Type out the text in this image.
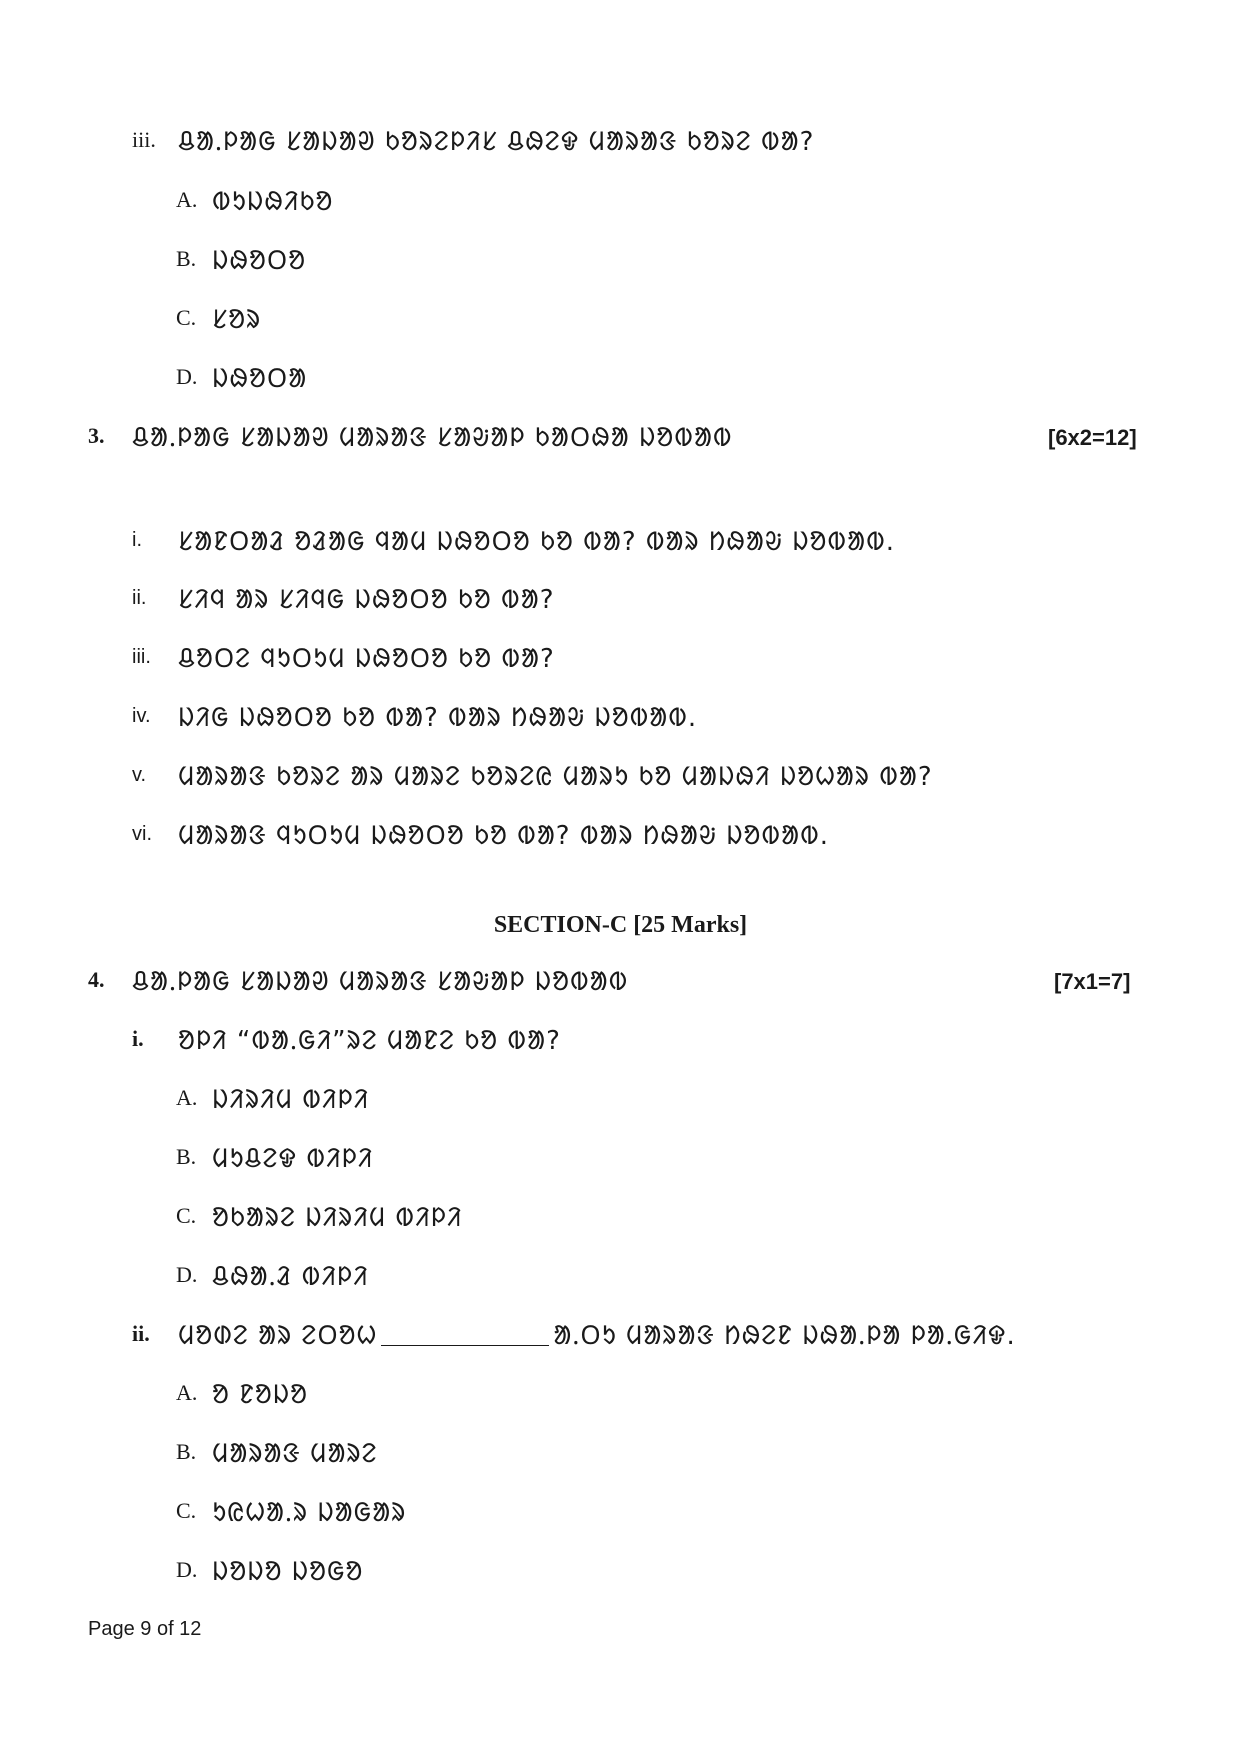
iii. ᱪᱟᱹᱞᱟᱜ ᱥᱟᱡᱟᱣ ᱠᱚᱨᱮᱞᱤᱥ ᱪᱷᱮᱫ ᱢᱟᱨᱟᱝ ᱠᱚᱨᱮ ᱵᱟ?
A. ᱵᱩᱡᱷᱤᱠᱚ
B. ᱡᱷᱚᱛᱚ
C. ᱥᱚᱨ
D. ᱡᱷᱚᱛᱟ
3.	ᱪᱟᱹᱞᱟᱜ ᱥᱟᱡᱟᱣ ᱢᱟᱨᱟᱝ ᱥᱟᱶᱟᱞ ᱠᱟᱛᱷᱟ ᱡᱚᱵᱟᱵ	[6x2=12]
i.	ᱥᱟᱱᱛᱟᱲ ᱚᱲᱟᱜ ᱧᱟᱢ ᱡᱷᱚᱛᱚ ᱠᱚ ᱵᱟ? ᱵᱟᱨ ᱴᱷᱟᱶ ᱡᱚᱵᱟᱵ.
ii.	ᱥᱤᱧ ᱟᱨ ᱥᱤᱧᱜ ᱡᱷᱚᱛᱚ ᱠᱚ ᱵᱟ?
iii.	ᱪᱚᱛᱮ ᱧᱩᱛᱩᱢ ᱡᱷᱚᱛᱚ ᱠᱚ ᱵᱟ?
iv.	ᱡᱤᱜ ᱡᱷᱚᱛᱚ ᱠᱚ ᱵᱟ? ᱵᱟᱨ ᱴᱷᱟᱶ ᱡᱚᱵᱟᱵ.
v.	ᱢᱟᱨᱟᱝ ᱠᱚᱨᱮ ᱟᱨ ᱢᱟᱨᱮ ᱠᱚᱨᱮᱭ ᱢᱟᱨᱩ ᱠᱚ ᱢᱟᱡᱷᱤ ᱡᱚᱦᱟᱨ ᱵᱟ?
vi.	ᱢᱟᱨᱟᱝ ᱧᱩᱛᱩᱢ ᱡᱷᱚᱛᱚ ᱠᱚ ᱵᱟ? ᱵᱟᱨ ᱴᱷᱟᱶ ᱡᱚᱵᱟᱵ.
SECTION-C [25 Marks]
4.	ᱪᱟᱹᱞᱟᱜ ᱥᱟᱡᱟᱣ ᱢᱟᱨᱟᱝ ᱥᱟᱶᱟᱞ ᱡᱚᱵᱟᱵ	[7x1=7]
i.	ᱚᱞᱤ “ᱵᱟᱹᱜᱤ”ᱨᱮ ᱢᱟᱱᱮ ᱠᱚ ᱵᱟ?
A. ᱡᱤᱨᱤᱢ ᱵᱤᱞᱤ
B. ᱢᱩᱪᱮᱫ ᱵᱤᱞᱤ
C. ᱚᱠᱟᱨᱮ ᱡᱤᱨᱤᱢ ᱵᱤᱞᱤ
D. ᱪᱷᱟᱹᱲ ᱵᱤᱞᱤ
ii.	ᱢᱚᱰᱮ ᱟᱨ ᱮᱛᱚᱦ	ᱟᱹᱛᱩ ᱢᱟᱨᱟᱝ ᱴᱷᱮᱱ ᱡᱷᱟᱹᱞᱟ ᱞᱟᱹᱜᱤᱫ.
A. ᱚ ᱱᱚᱡᱚ
B. ᱢᱟᱨᱟᱝ ᱢᱟᱨᱮ
C. ᱩᱭᱦᱟᱹᱨ ᱡᱟᱜᱟᱨ
D. ᱡᱚᱡᱚ ᱡᱚᱜᱚ
Page 9 of 12
